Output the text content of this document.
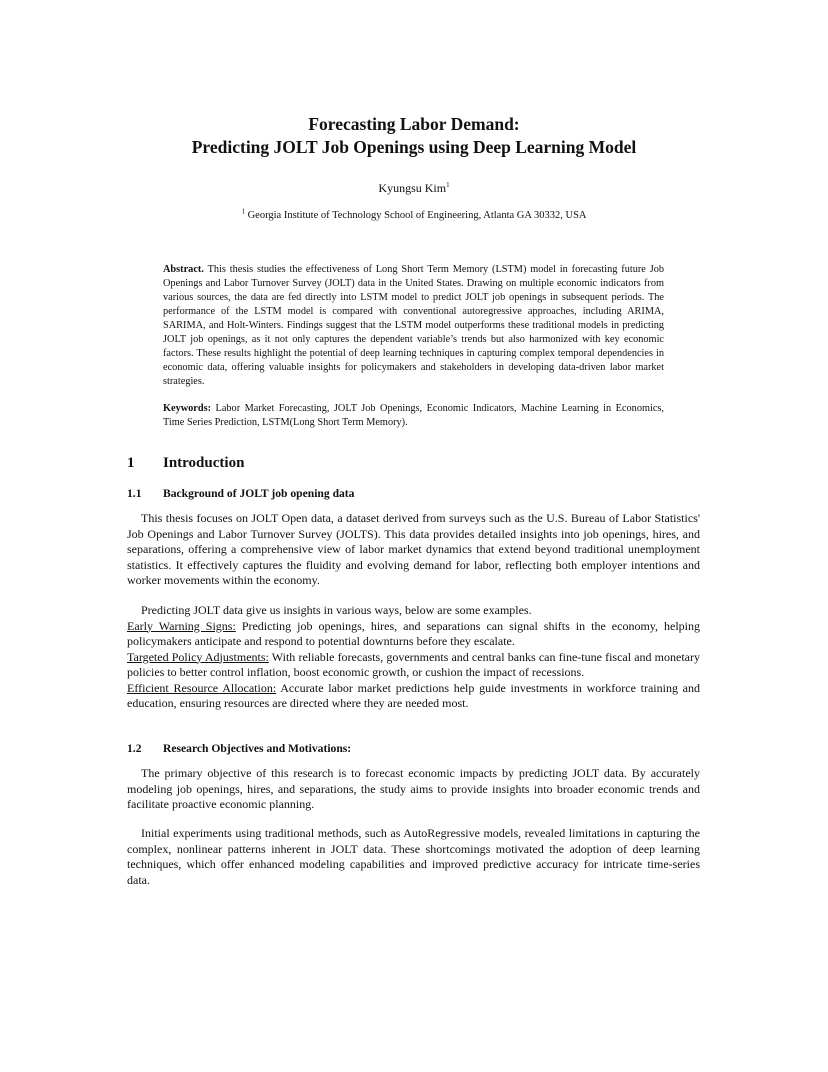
Forecasting Labor Demand:
Predicting JOLT Job Openings using Deep Learning Model
Kyungsu Kim$^1$
$^1$ Georgia Institute of Technology School of Engineering, Atlanta GA 30332, USA
Abstract. This thesis studies the effectiveness of Long Short Term Memory (LSTM) model in forecasting future Job Openings and Labor Turnover Survey (JOLT) data in the United States. Drawing on multiple economic indicators from various sources, the data are fed directly into LSTM model to predict JOLT job openings in subsequent periods. The performance of the LSTM model is compared with conventional autoregressive approaches, including ARIMA, SARIMA, and Holt-Winters. Findings suggest that the LSTM model outperforms these traditional models in predicting JOLT job openings, as it not only captures the dependent variable’s trends but also harmonized with key economic factors. These results highlight the potential of deep learning techniques in capturing complex temporal dependencies in economic data, offering valuable insights for policymakers and stakeholders in developing data-driven labor market strategies.
Keywords: Labor Market Forecasting, JOLT Job Openings, Economic Indicators, Machine Learning in Economics, Time Series Prediction, LSTM(Long Short Term Memory).
1 Introduction
1.1 Background of JOLT job opening data
This thesis focuses on JOLT Open data, a dataset derived from surveys such as the U.S. Bureau of Labor Statistics' Job Openings and Labor Turnover Survey (JOLTS). This data provides detailed insights into job openings, hires, and separations, offering a comprehensive view of labor market dynamics that extend beyond traditional unemployment statistics. It effectively captures the fluidity and evolving demand for labor, reflecting both employer intentions and worker movements within the economy.
Predicting JOLT data give us insights in various ways, below are some examples.
Early Warning Signs: Predicting job openings, hires, and separations can signal shifts in the economy, helping policymakers anticipate and respond to potential downturns before they escalate.
Targeted Policy Adjustments: With reliable forecasts, governments and central banks can fine-tune fiscal and monetary policies to better control inflation, boost economic growth, or cushion the impact of recessions.
Efficient Resource Allocation: Accurate labor market predictions help guide investments in workforce training and education, ensuring resources are directed where they are needed most.
1.2 Research Objectives and Motivations:
The primary objective of this research is to forecast economic impacts by predicting JOLT data. By accurately modeling job openings, hires, and separations, the study aims to provide insights into broader economic trends and facilitate proactive economic planning.
Initial experiments using traditional methods, such as AutoRegressive models, revealed limitations in capturing the complex, nonlinear patterns inherent in JOLT data. These shortcomings motivated the adoption of deep learning techniques, which offer enhanced modeling capabilities and improved predictive accuracy for intricate time-series data.
